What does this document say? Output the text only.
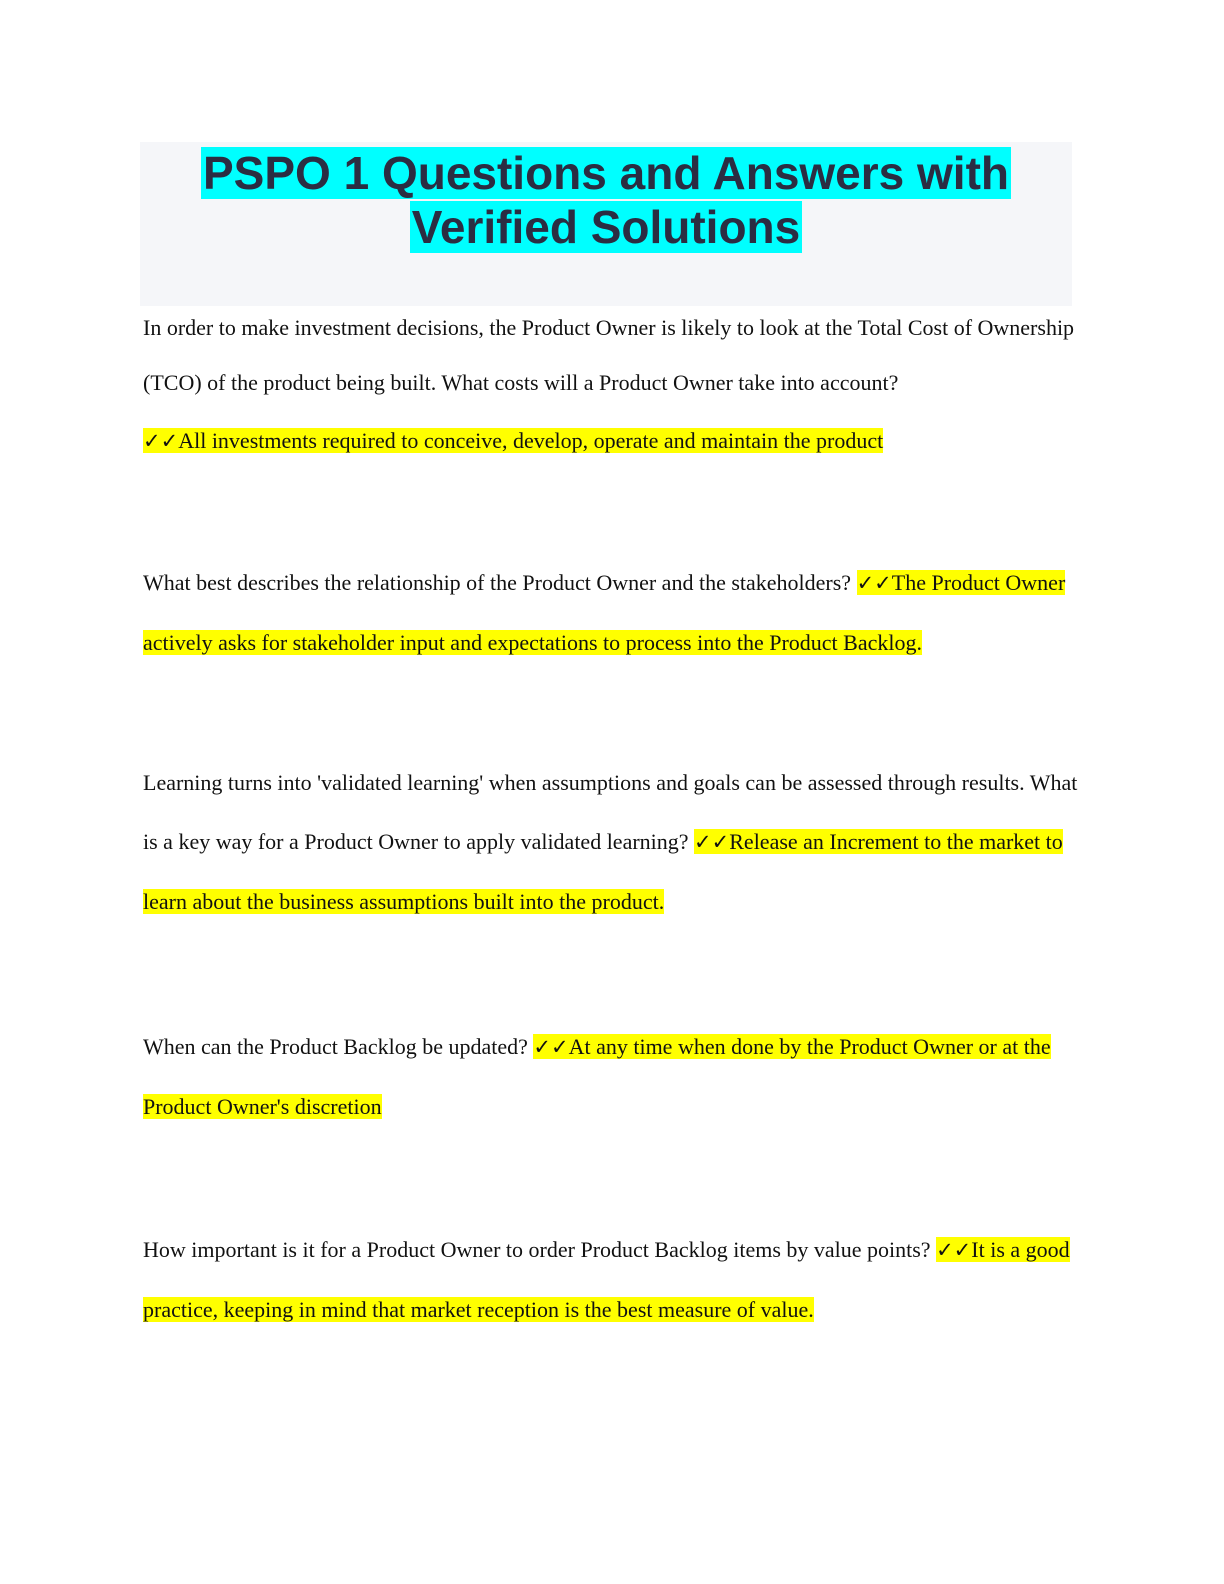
PSPO 1 Questions and Answers with
Verified Solutions

In order to make investment decisions, the Product Owner is likely to look at the Total Cost of Ownership (TCO) of the product being built. What costs will a Product Owner take into account?
✓✓All investments required to conceive, develop, operate and maintain the product

What best describes the relationship of the Product Owner and the stakeholders? ✓✓The Product Owner actively asks for stakeholder input and expectations to process into the Product Backlog.

Learning turns into 'validated learning' when assumptions and goals can be assessed through results. What is a key way for a Product Owner to apply validated learning? ✓✓Release an Increment to the market to learn about the business assumptions built into the product.

When can the Product Backlog be updated? ✓✓At any time when done by the Product Owner or at the Product Owner's discretion

How important is it for a Product Owner to order Product Backlog items by value points? ✓✓It is a good practice, keeping in mind that market reception is the best measure of value.
